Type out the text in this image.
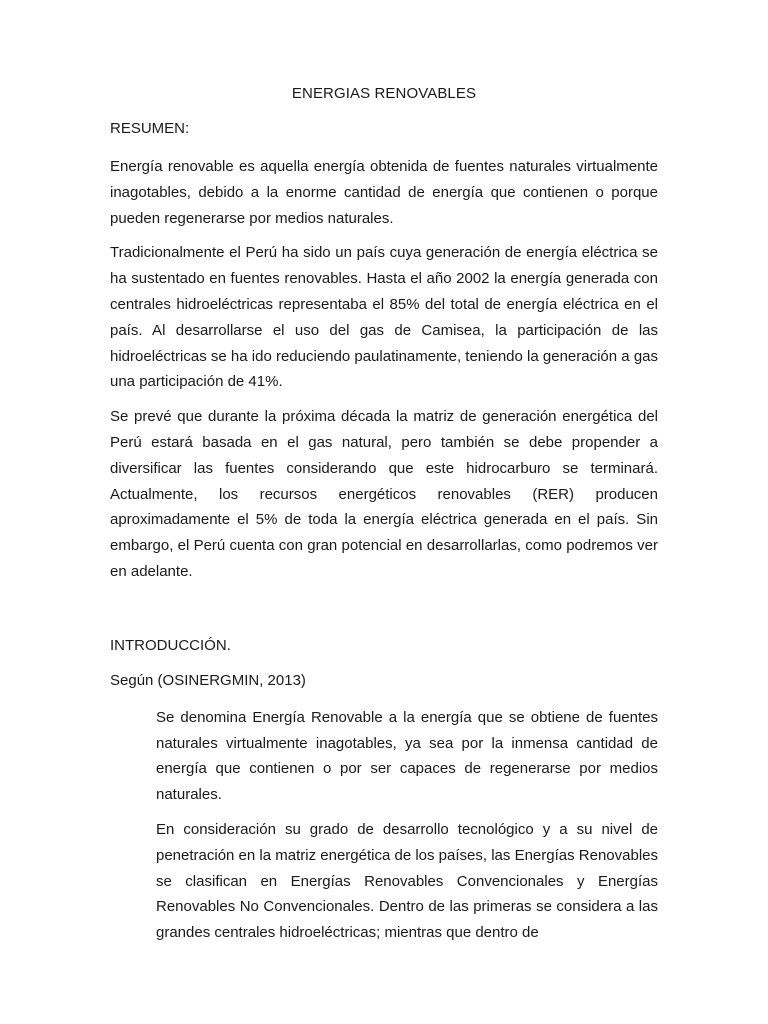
ENERGIAS RENOVABLES
RESUMEN:

Energía renovable es aquella energía obtenida de fuentes naturales virtualmente inagotables, debido a la enorme cantidad de energía que contienen o porque pueden regenerarse por medios naturales.

Tradicionalmente el Perú ha sido un país cuya generación de energía eléctrica se ha sustentado en fuentes renovables. Hasta el año 2002 la energía generada con centrales hidroeléctricas representaba el 85% del total de energía eléctrica en el país. Al desarrollarse el uso del gas de Camisea, la participación de las hidroeléctricas se ha ido reduciendo paulatinamente, teniendo la generación a gas una participación de 41%.

Se prevé que durante la próxima década la matriz de generación energética del Perú estará basada en el gas natural, pero también se debe propender a diversificar las fuentes considerando que este hidrocarburo se terminará. Actualmente, los recursos energéticos renovables (RER) producen aproximadamente el 5% de toda la energía eléctrica generada en el país. Sin embargo, el Perú cuenta con gran potencial en desarrollarlas, como podremos ver en adelante.

INTRODUCCIÓN.
Según (OSINERGMIN, 2013)

Se denomina Energía Renovable a la energía que se obtiene de fuentes naturales virtualmente inagotables, ya sea por la inmensa cantidad de energía que contienen o por ser capaces de regenerarse por medios naturales.

En consideración su grado de desarrollo tecnológico y a su nivel de penetración en la matriz energética de los países, las Energías Renovables se clasifican en Energías Renovables Convencionales y Energías Renovables No Convencionales. Dentro de las primeras se considera a las grandes centrales hidroeléctricas; mientras que dentro de
